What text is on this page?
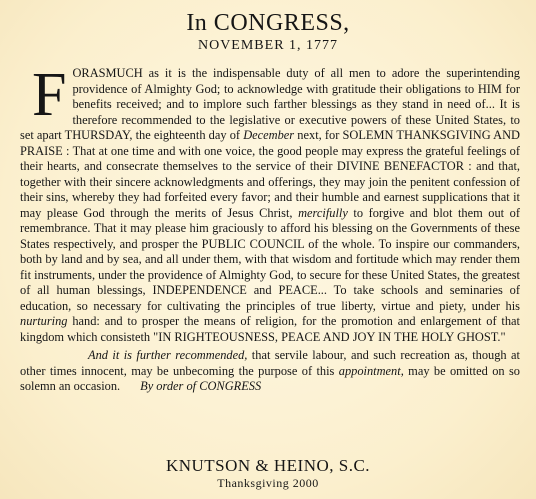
In CONGRESS,
NOVEMBER 1, 1777
FORASMUCH as it is the indispensable duty of all men to adore the superintending providence of Almighty God; to acknowledge with gratitude their obligations to HIM for benefits received; and to implore such farther blessings as they stand in need of... It is therefore recommended to the legislative or executive powers of these United States, to set apart THURSDAY, the eighteenth day of December next, for SOLEMN THANKSGIVING AND PRAISE : That at one time and with one voice, the good people may express the grateful feelings of their hearts, and consecrate themselves to the service of their DIVINE BENEFACTOR : and that, together with their sincere acknowledgments and offerings, they may join the penitent confession of their sins, whereby they had forfeited every favor; and their humble and earnest supplications that it may please God through the merits of Jesus Christ, mercifully to forgive and blot them out of remembrance. That it may please him graciously to afford his blessing on the Governments of these States respectively, and prosper the PUBLIC COUNCIL of the whole. To inspire our commanders, both by land and by sea, and all under them, with that wisdom and fortitude which may render them fit instruments, under the providence of Almighty God, to secure for these United States, the greatest of all human blessings, INDEPENDENCE and PEACE... To take schools and seminaries of education, so necessary for cultivating the principles of true liberty, virtue and piety, under his nurturing hand: and to prosper the means of religion, for the promotion and enlargement of that kingdom which consisteth "IN RIGHTEOUSNESS, PEACE AND JOY IN THE HOLY GHOST."
And it is further recommended, that servile labour, and such recreation as, though at other times innocent, may be unbecoming the purpose of this appointment, may be omitted on so solemn an occasion. By order of CONGRESS
KNUTSON & HEINO, S.C.
Thanksgiving 2000
